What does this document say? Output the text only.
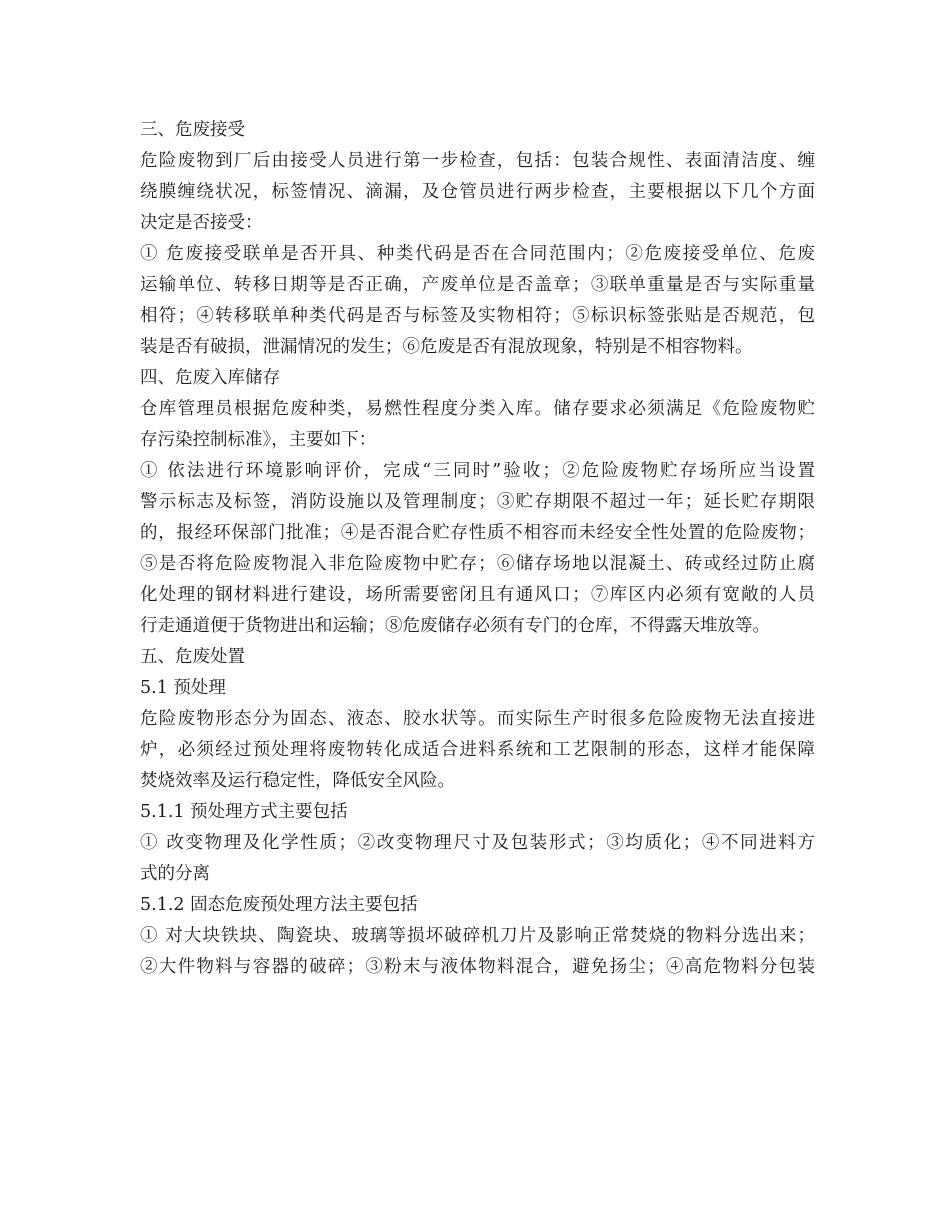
三、危废接受
危险废物到厂后由接受人员进行第一步检查，包括：包装合规性、表面清洁度、缠
绕膜缠绕状况，标签情况、滴漏，及仓管员进行两步检查，主要根据以下几个方面
决定是否接受：
① 危废接受联单是否开具、种类代码是否在合同范围内；②危废接受单位、危废
运输单位、转移日期等是否正确，产废单位是否盖章；③联单重量是否与实际重量
相符；④转移联单种类代码是否与标签及实物相符；⑤标识标签张贴是否规范，包
装是否有破损，泄漏情况的发生；⑥危废是否有混放现象，特别是不相容物料。
四、危废入库储存
仓库管理员根据危废种类，易燃性程度分类入库。储存要求必须满足《危险废物贮
存污染控制标准》，主要如下：
① 依法进行环境影响评价，完成“三同时”验收；②危险废物贮存场所应当设置
警示标志及标签，消防设施以及管理制度；③贮存期限不超过一年；延长贮存期限
的，报经环保部门批准；④是否混合贮存性质不相容而未经安全性处置的危险废物；
⑤是否将危险废物混入非危险废物中贮存；⑥储存场地以混凝土、砖或经过防止腐
化处理的钢材料进行建设，场所需要密闭且有通风口；⑦库区内必须有宽敞的人员
行走通道便于货物进出和运输；⑧危废储存必须有专门的仓库，不得露天堆放等。
五、危废处置
5.1 预处理
危险废物形态分为固态、液态、胶水状等。而实际生产时很多危险废物无法直接进
炉，必须经过预处理将废物转化成适合进料系统和工艺限制的形态，这样才能保障
焚烧效率及运行稳定性，降低安全风险。
5.1.1 预处理方式主要包括
① 改变物理及化学性质；②改变物理尺寸及包装形式；③均质化；④不同进料方
式的分离
5.1.2 固态危废预处理方法主要包括
① 对大块铁块、陶瓷块、玻璃等损坏破碎机刀片及影响正常焚烧的物料分选出来；
②大件物料与容器的破碎；③粉末与液体物料混合，避免扬尘；④高危物料分包装
